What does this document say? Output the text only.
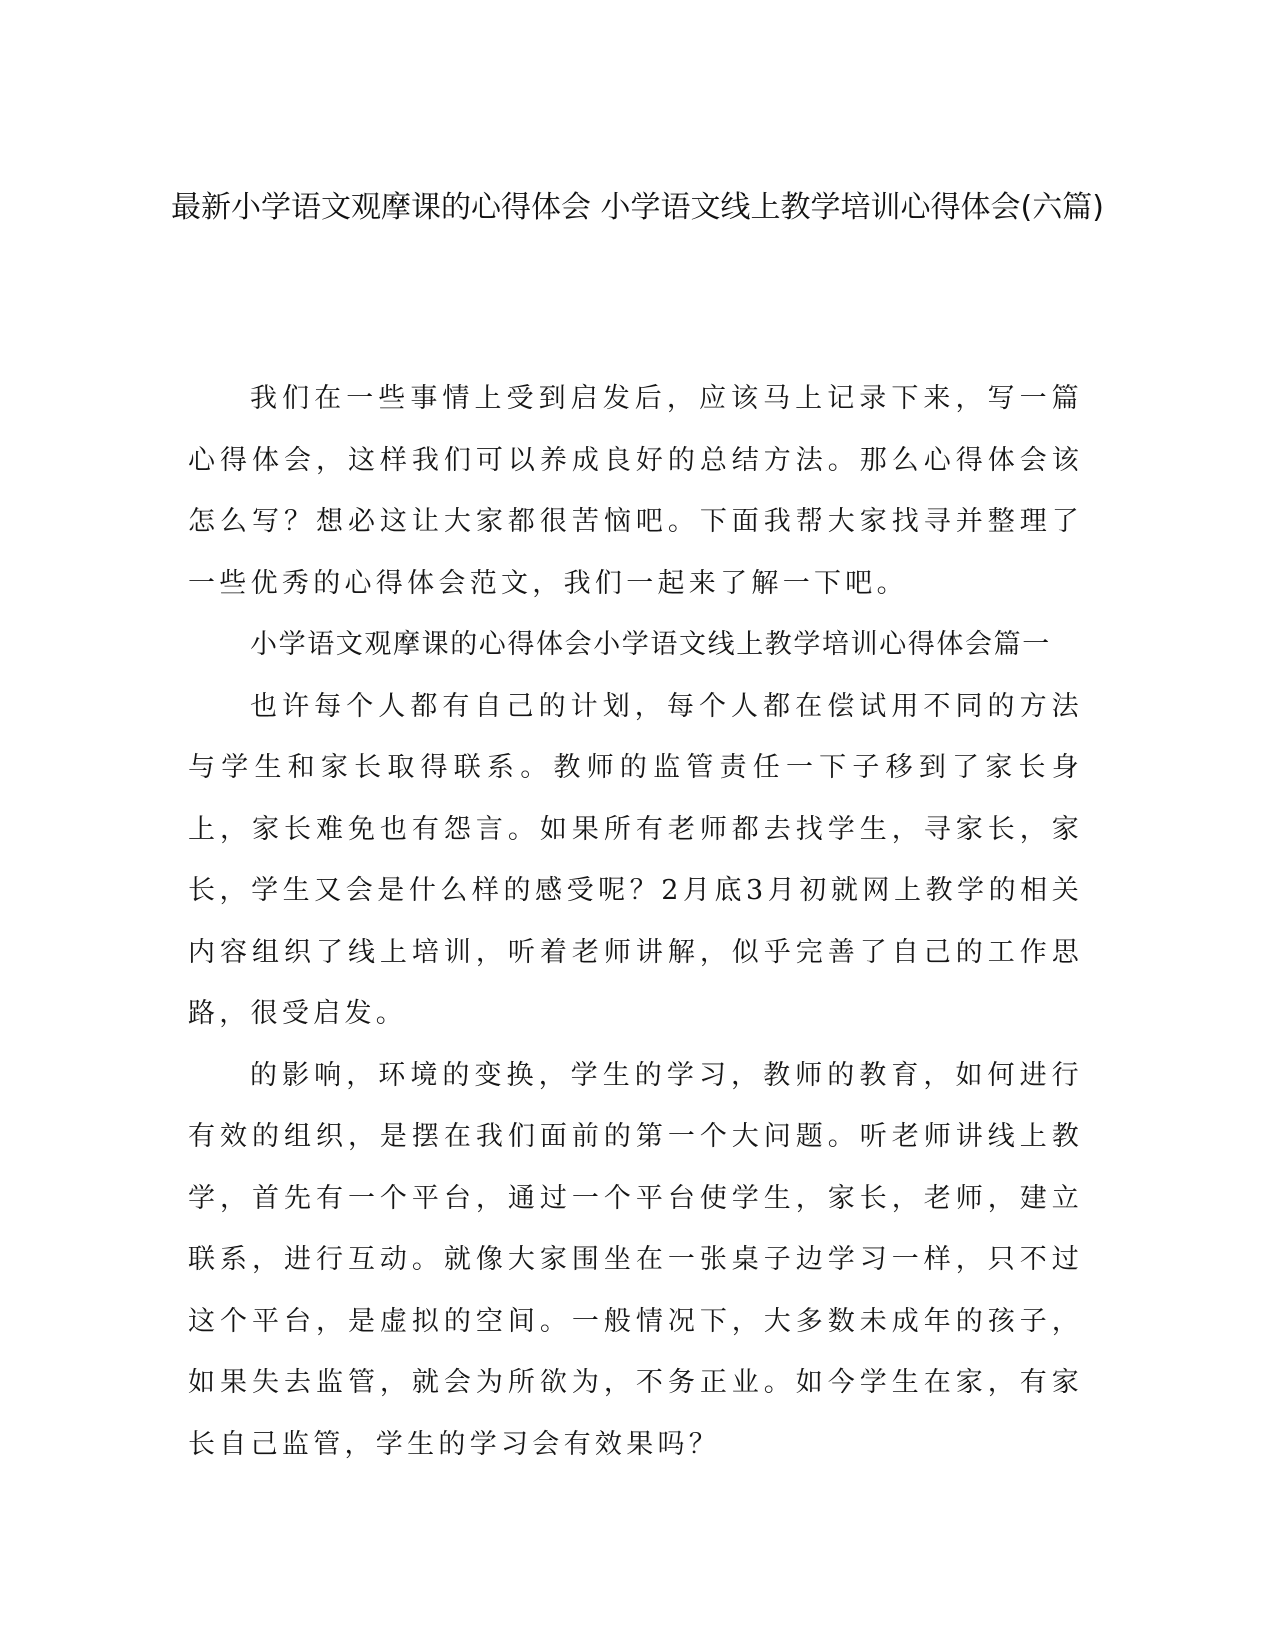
最新小学语文观摩课的心得体会 小学语文线上教学培训心得体会(六篇)

我们在一些事情上受到启发后，应该马上记录下来，写一篇心得体会，这样我们可以养成良好的总结方法。那么心得体会该怎么写？想必这让大家都很苦恼吧。下面我帮大家找寻并整理了一些优秀的心得体会范文，我们一起来了解一下吧。

小学语文观摩课的心得体会小学语文线上教学培训心得体会篇一

也许每个人都有自己的计划，每个人都在偿试用不同的方法与学生和家长取得联系。教师的监管责任一下子移到了家长身上，家长难免也有怨言。如果所有老师都去找学生，寻家长，家长，学生又会是什么样的感受呢？2月底3月初就网上教学的相关内容组织了线上培训，听着老师讲解，似乎完善了自己的工作思路，很受启发。

的影响，环境的变换，学生的学习，教师的教育，如何进行有效的组织，是摆在我们面前的第一个大问题。听老师讲线上教学，首先有一个平台，通过一个平台使学生，家长，老师，建立联系，进行互动。就像大家围坐在一张桌子边学习一样，只不过这个平台，是虚拟的空间。一般情况下，大多数未成年的孩子，如果失去监管，就会为所欲为，不务正业。如今学生在家，有家长自己监管，学生的学习会有效果吗？
